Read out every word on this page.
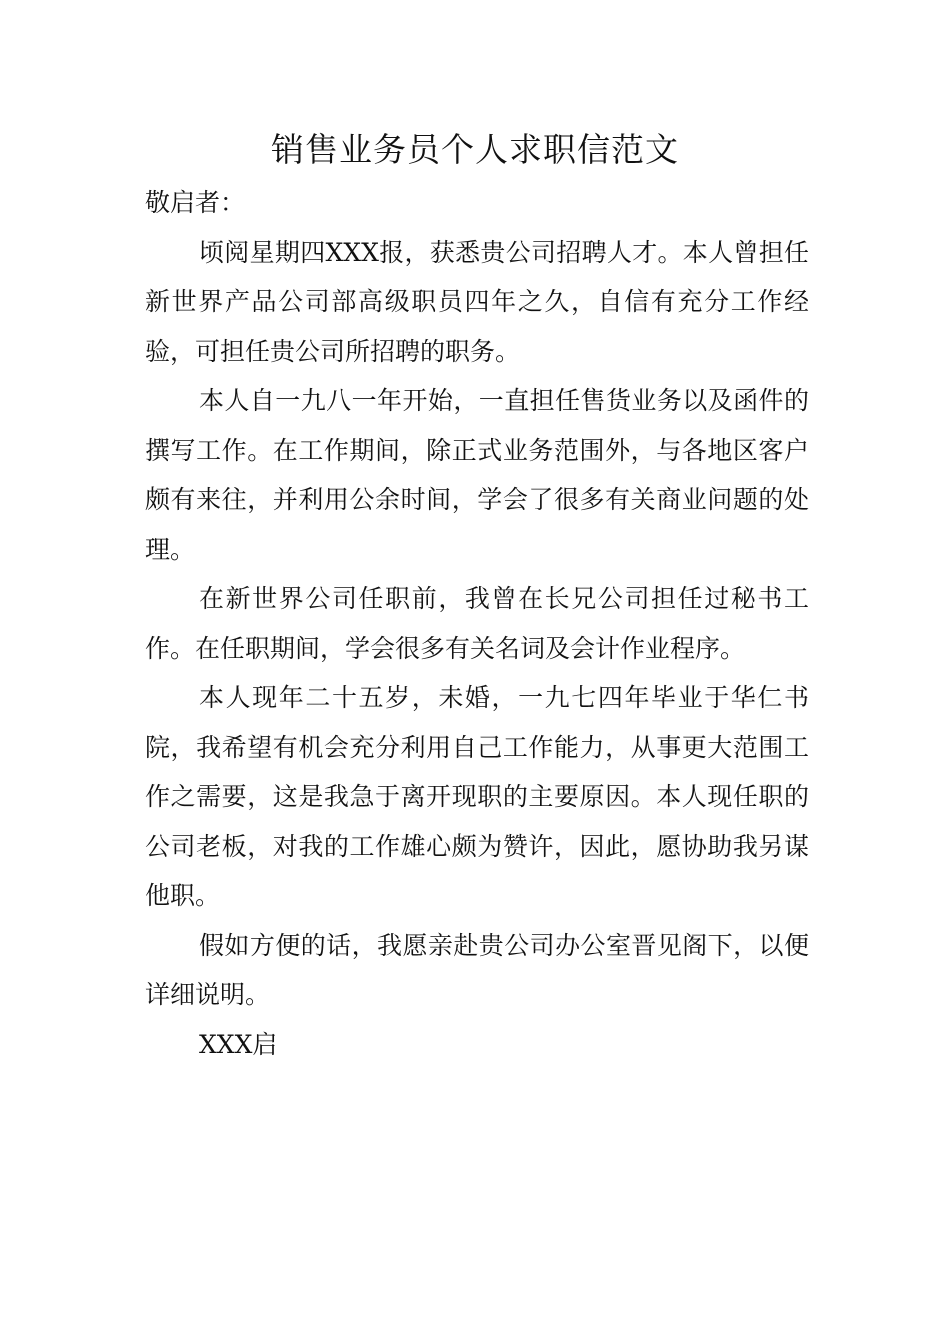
销售业务员个人求职信范文

敬启者：

顷阅星期四XXX报，获悉贵公司招聘人才。本人曾担任新世界产品公司部高级职员四年之久，自信有充分工作经验，可担任贵公司所招聘的职务。

本人自一九八一年开始，一直担任售货业务以及函件的撰写工作。在工作期间，除正式业务范围外，与各地区客户颇有来往，并利用公余时间，学会了很多有关商业问题的处理。

在新世界公司任职前，我曾在长兄公司担任过秘书工作。在任职期间，学会很多有关名词及会计作业程序。

本人现年二十五岁，未婚，一九七四年毕业于华仁书院，我希望有机会充分利用自己工作能力，从事更大范围工作之需要，这是我急于离开现职的主要原因。本人现任职的公司老板，对我的工作雄心颇为赞许，因此，愿协助我另谋他职。

假如方便的话，我愿亲赴贵公司办公室晋见阁下，以便详细说明。

XXX启
